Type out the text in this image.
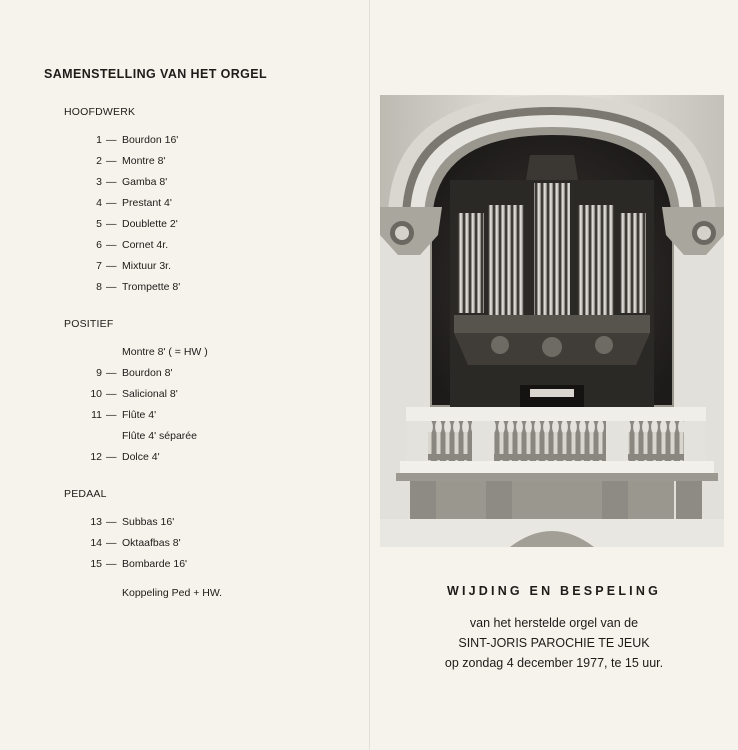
SAMENSTELLING VAN HET ORGEL
HOOFDWERK
1 — Bourdon 16'
2 — Montre 8'
3 — Gamba 8'
4 — Prestant 4'
5 — Doublette 2'
6 — Cornet 4r.
7 — Mixtuur 3r.
8 — Trompette 8'
POSITIEF
Montre 8' ( = HW )
9 — Bourdon 8'
10 — Salicional 8'
11 — Flûte 4'
Flûte 4' séparée
12 — Dolce 4'
PEDAAL
13 — Subbas 16'
14 — Oktaafbas 8'
15 — Bombarde 16'
Koppeling Ped + HW.	WIJDING EN BESPELING
van het herstelde orgel van de
SINT-JORIS PAROCHIE TE JEUK
op zondag 4 december 1977, te 15 uur.
